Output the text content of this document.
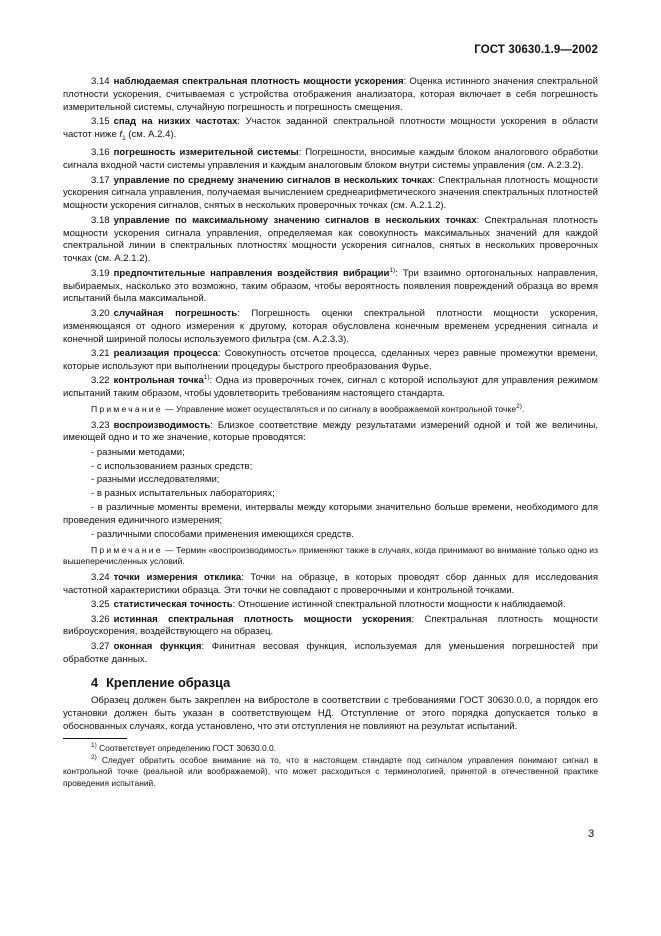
ГОСТ 30630.1.9—2002

3.14 наблюдаемая спектральная плотность мощности ускорения: Оценка истинного значения спектральной плотности ускорения, считываемая с устройства отображения анализатора, которая включает в себя погрешность измерительной системы, случайную погрешность и погрешность смещения.

3.15 спад на низких частотах: Участок заданной спектральной плотности мощности ускорения в области частот ниже $f_1$ (см. А.2.4).

3.16 погрешность измерительной системы: Погрешности, вносимые каждым блоком аналогового обработки сигнала входной части системы управления и каждым аналоговым блоком внутри системы управления (см. А.2.3.2).

3.17 управление по среднему значению сигналов в нескольких точках: Спектральная плотность мощности ускорения сигнала управления, получаемая вычислением среднеарифметического значения спектральных плотностей мощности ускорения сигналов, снятых в нескольких проверочных точках (см. А.2.1.2).

3.18 управление по максимальному значению сигналов в нескольких точках: Спектральная плотность мощности ускорения сигнала управления, определяемая как совокупность максимальных значений для каждой спектральной линии в спектральных плотностях мощности ускорения сигналов, снятых в нескольких проверочных точках (см. А.2.1.2).

3.19 предпочтительные направления воздействия вибрации$^{1)}$: Три взаимно ортогональных направления, выбираемых, насколько это возможно, таким образом, чтобы вероятность появления повреждений образца во время испытаний была максимальной.

3.20 случайная погрешность: Погрешность оценки спектральной плотности мощности ускорения, изменяющаяся от одного измерения к другому, которая обусловлена конечным временем усреднения сигнала и конечной шириной полосы используемого фильтра (см. А.2.3.3).

3.21 реализация процесса: Совокупность отсчетов процесса, сделанных через равные промежутки времени, которые используют при выполнении процедуры быстрого преобразования Фурье.

3.22 контрольная точка$^{1)}$: Одна из проверочных точек, сигнал с которой используют для управления режимом испытаний таким образом, чтобы удовлетворить требованиям настоящего стандарта.

Примечание — Управление может осуществляться и по сигналу в воображаемой контрольной точке$^{2)}$.

3.23 воспроизводимость: Близкое соответствие между результатами измерений одной и той же величины, имеющей одно и то же значение, которые проводятся:

- разными методами;

- с использованием разных средств;

- разными исследователями;

- в разных испытательных лабораториях;

- в различные моменты времени, интервалы между которыми значительно больше времени, необходимого для проведения единичного измерения;

- различными способами применения имеющихся средств.

Примечание — Термин «воспроизводимость» применяют также в случаях, когда принимают во внимание только одно из вышеперечисленных условий.

3.24 точки измерения отклика: Точки на образце, в которых проводят сбор данных для исследования частотной характеристики образца. Эти точки не совпадают с проверочными и контрольной точками.

3.25 статистическая точность: Отношение истинной спектральной плотности мощности к наблюдаемой.

3.26 истинная спектральная плотность мощности ускорения: Спектральная плотность мощности виброускорения, воздействующего на образец.

3.27 оконная функция: Финитная весовая функция, используемая для уменьшения погрешностей при обработке данных.

4 Крепление образца

Образец должен быть закреплен на вибростоле в соответствии с требованиями ГОСТ 30630.0.0, а порядок его установки должен быть указан в соответствующем НД. Отступление от этого порядка допускается только в обоснованных случаях, когда установлено, что эти отступления не повлияют на результат испытаний.

$^{1)}$ Соответствует определению ГОСТ 30630.0.0.

$^{2)}$ Следует обратить особое внимание на то, что в настоящем стандарте под сигналом управления понимают сигнал в контрольной точке (реальной или воображаемой), что может расходиться с терминологией, принятой в отечественной практике проведения испытаний.

3
